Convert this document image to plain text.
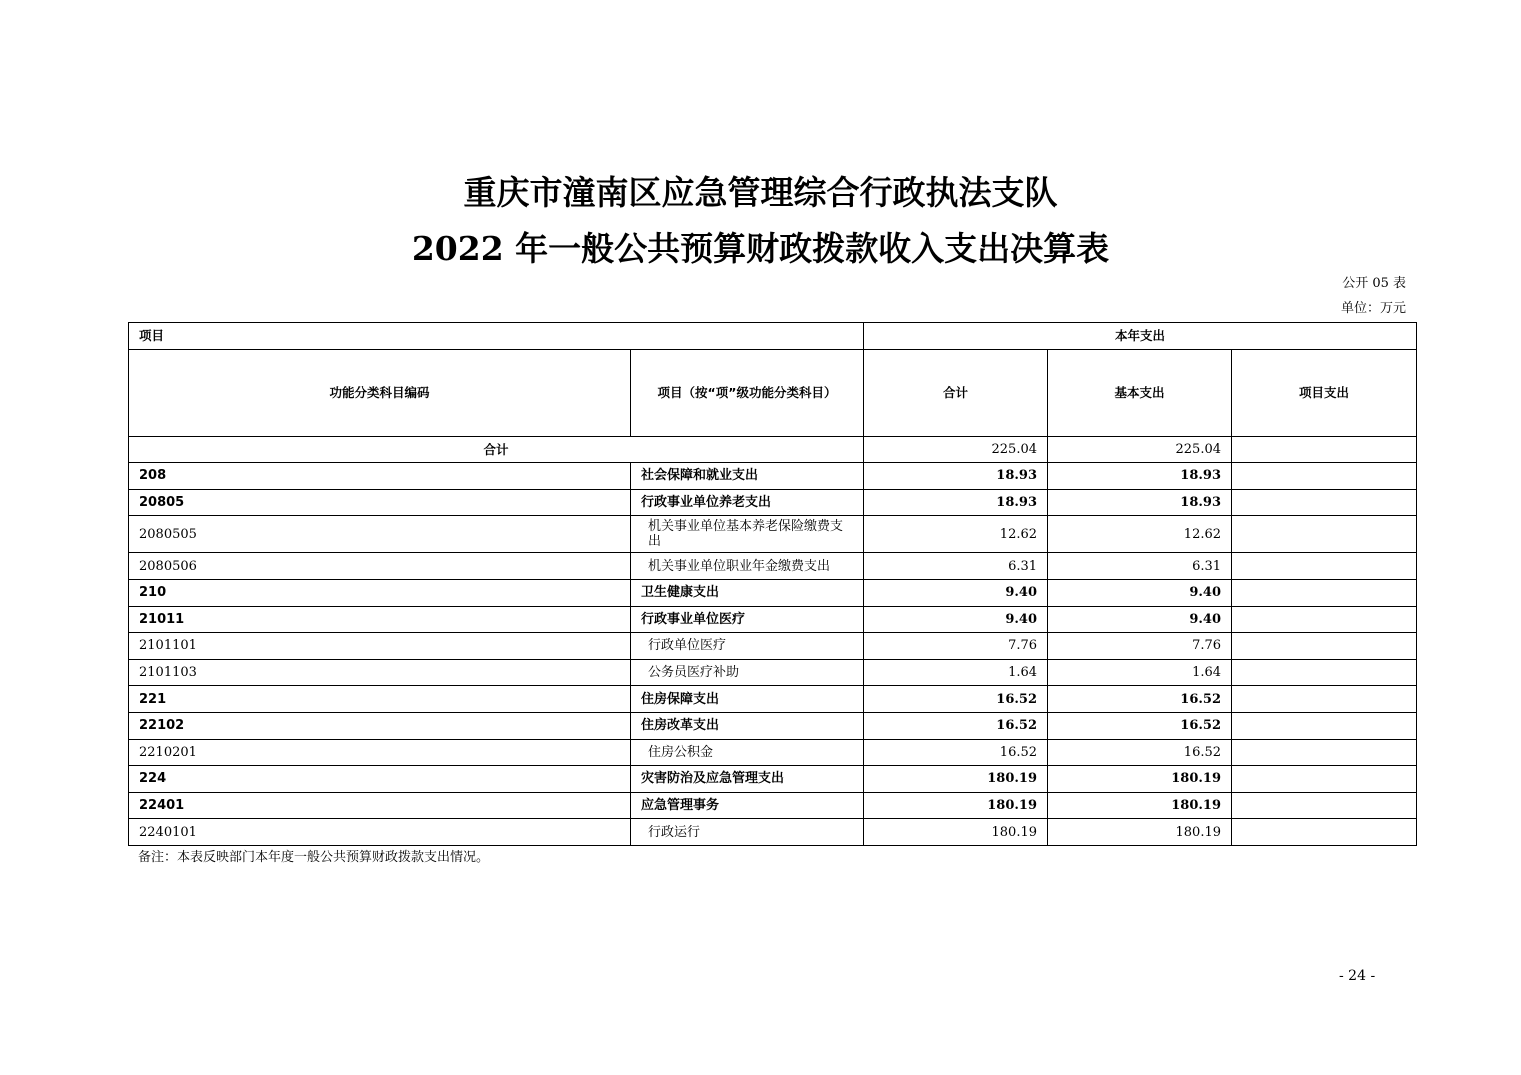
重庆市潼南区应急管理综合行政执法支队
2022 年一般公共预算财政拨款收入支出决算表
公开 05 表
单位：万元
项目		本年支出		
功能分类科目编码	项目（按“项”级功能分类科目）	合计	基本支出	项目支出
合计		225.04	225.04	
208	社会保障和就业支出	18.93	18.93	
20805	行政事业单位养老支出	18.93	18.93	
2080505	机关事业单位基本养老保险缴费支出	12.62	12.62	
2080506	机关事业单位职业年金缴费支出	6.31	6.31	
210	卫生健康支出	9.40	9.40	
21011	行政事业单位医疗	9.40	9.40	
2101101	行政单位医疗	7.76	7.76	
2101103	公务员医疗补助	1.64	1.64	
221	住房保障支出	16.52	16.52	
22102	住房改革支出	16.52	16.52	
2210201	住房公积金	16.52	16.52	
224	灾害防治及应急管理支出	180.19	180.19	
22401	应急管理事务	180.19	180.19	
2240101	行政运行	180.19	180.19	
备注：本表反映部门本年度一般公共预算财政拨款支出情况。
- 24 -
